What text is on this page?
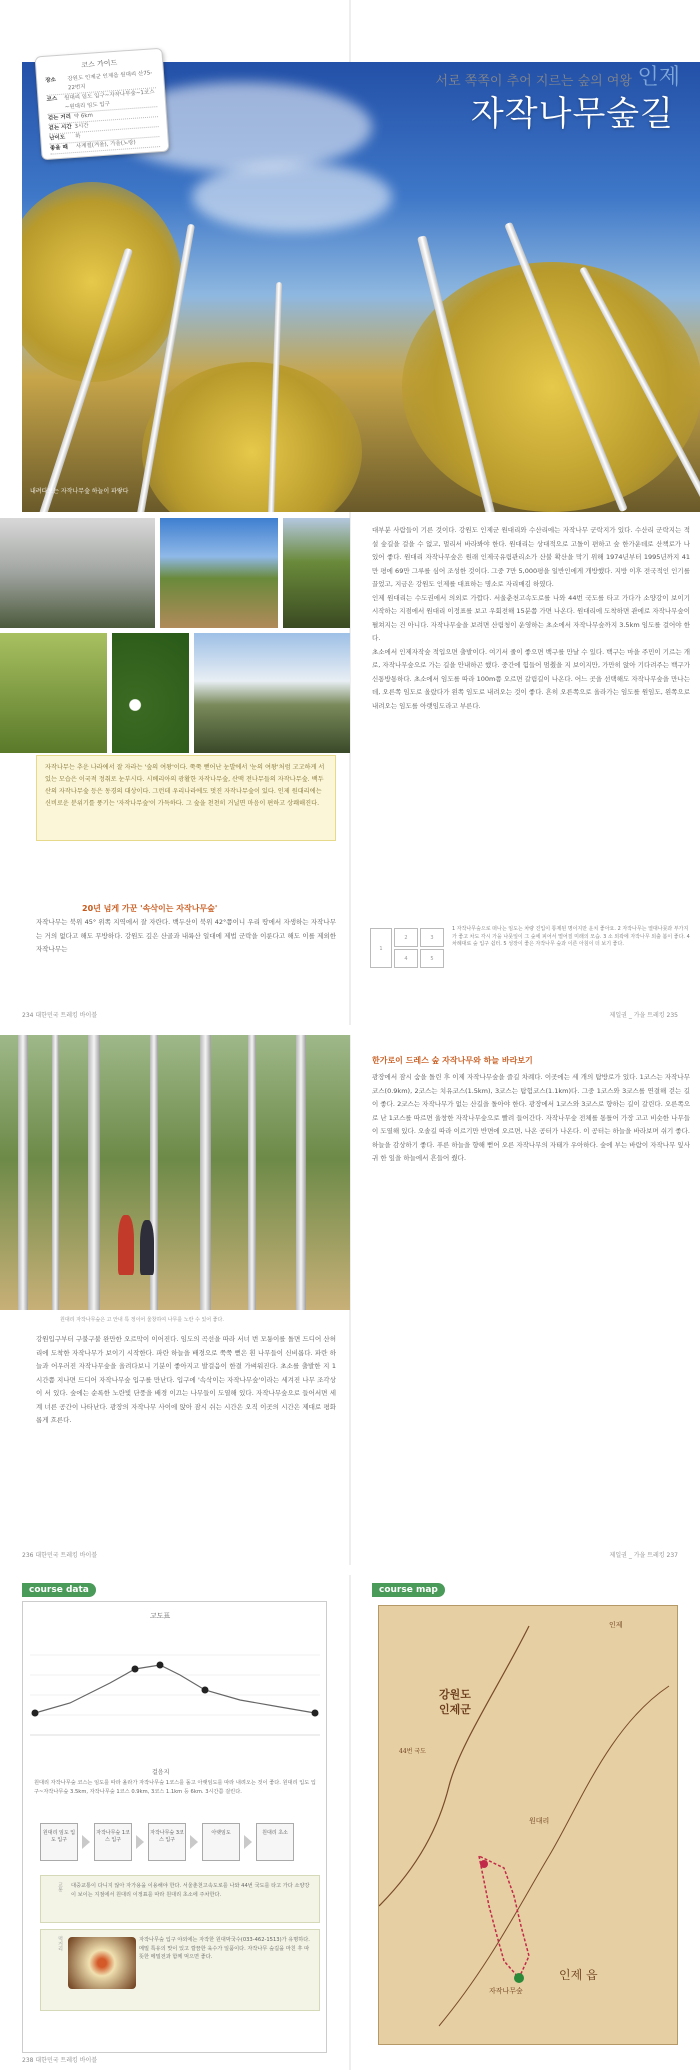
서로 쪽쪽이 추어 지르는 숲의 여왕 인제
자작나무숲길
내려다보는 자작나무숲 하늘이 파랗다
코스 가이드
장소	강원도 인제군 인제읍 원대리 산75-22번지
코스	원대리 임도 입구~자작나무숲~1코스~원대리 임도 입구
걷는 거리 약 6km
걷는 시간 3시간
난이도	하
좋을 때	사계절(겨울), 가을(노랑)
자작나무는 추운 나라에서 잘 자라는 '숲의 여왕'이다. 쭉쭉 뻗어난 눈발에서 '눈의 여왕'처럼 고고하게 서 있는 모습은 이국적 정취로 눈부시다. 시베리아의 광활한 자작나무숲, 산맥 전나무들의 자작나무숲. 백두산의 자작나무숲 등은 동경의 대상이다. 그런데 우리나라에도 멋진 자작나무숲이 있다. 인제 원대리에는 신비로운 분위기를 풍기는 '자작나무숲'이 가득하다. 그 숲을 천천히 거닐면 마음이 편하고 상쾌해진다.
20년 넘게 가꾼 '속삭이는 자작나무숲'

자작나무는 북위 45° 위쪽 지역에서 잘 자란다. 백두산이 북위 42°쯤이니 우리 땅에서 자생하는 자작나무는 거의 없다고 해도 무방하다. 강원도 깊은 산골과 내륙산 일대에 제법 군락을 이룬다고 해도 이를 제외한 자작나무는

대부분 사람들이 기른 것이다. 강원도 인제군 원대리와 수산리에는 자작나무 군락지가 있다. 수산리 군락지는 적설 숲길을 걸을 수 없고, 멀리서 바라봐야 한다. 원대리는 상대적으로 고돌이 편하고 숲 한가운데로 산책로가 나 있어 좋다. 원대리 자작나무숲은 원래 인제국유림관리소가 산불 확산을 막기 위해 1974년부터 1995년까지 41만 평에 69만 그루를 심어 조성한 것이다. 그중 7만 5,000평을 일반인에게 개방했다. 지방 이후 전국적인 인기를 끌었고, 지금은 강원도 인제를 대표하는 명소로 자리매김 하였다.

인제 원대리는 수도권에서 의외로 가깝다. 서울춘천고속도로를 나와 44번 국도를 타고 가다가 소양강이 보이기 시작하는 지점에서 원대리 이정표를 보고 우회전해 15분쯤 가면 나온다. 원대리에 도착하면 관에로 자작나무숲이 펼쳐지는 건 아니다. 자작나무숲을 보려면 산림청이 운영하는 초소에서 자작나무숲까지 3.5km 임도를 걸어야 한다.

초소에서 인제자작숲 적입으면 출발이다. 여기서 줄이 좋으면 백구를 만날 수 있다. 백구는 마을 주민이 기르는 개로, 자작나무숲으로 가는 길을 안내하곤 했다. 중간에 힘들어 멈췄을 지 보이지만, 가만히 앉아 기다려주는 백구가 신통방통하다. 초소에서 임도를 따라 100m쯤 오르면 갈림길이 나온다. 어느 곳을 선택해도 자작나무숲을 만나는데, 오른쪽 임도로 올랐다가 왼쪽 임도로 내려오는 것이 좋다. 흔히 오른쪽으로 올라가는 임도를 원임도, 왼쪽으로 내려오는 임도를 아랫임도라고 부른다.

1
2	3
4	5
1 자작나무숲으로 떠나는 임도는 차량 진입이 통제된 명이지만 운치 좋아요. 2 자작나무는 열대나뭇과 부가지가 좋고 차도 각시 가을 나뭇잎이 그 숲에 피어서 떨어질 미래의 모습. 3 소 외곽에 자작나무 외출 봄이 좋다. 4 차례대로 숲 입구 쉼터. 5 성장이 좋은 자작나무 숲과 이른 아침이 더 보기 좋다.
234 대한민국 트레킹 바이블	제일권 _ 가을 트레킹 235
원대리 자작나무숲은 고 안내 특 정이어 울창하여 나무를 노란 수 있어 좋다.

강원입구부터 구불구불 완만한 오르막이 이어진다. 임도의 곡선을 따라 서너 번 모퉁이를 돌면 드디어 산허리에 도착한 자작나무가 보이기 시작한다. 파란 하늘을 배경으로 쭉쭉 뻗은 흰 나무들이 신비롭다. 파란 하늘과 어우러진 자작나무숲을 올려다보니 기분이 좋아지고 발걸음이 한결 가벼워진다. 초소를 출발한 지 1시간쯤 지나면 드디어 자작나무숲 입구를 만난다. 입구에 '속삭이는 자작나무숲'이라는 세겨진 나무 조각상이 서 있다. 숲에는 순록한 노란빛 단풍을 배경 이끄는 나무들이 도열해 있다. 자작나무숲으로 들어서면 세계 너른 공간이 나타난다. 광장의 자작나무 사이에 앉아 잠시 쉬는 시간은 오직 이곳의 시간은 제대로 평화롭게 흐른다.

한가로이 드레스 숲 자작나무와 하늘 바라보기

광장에서 잠시 숨을 돌린 후 이제 자작나무숲을 즐길 차례다. 이곳에는 세 개의 탐방로가 있다. 1코스는 자작나무코스(0.9km), 2코스는 치유코스(1.5km), 3코스는 탐험코스(1.1km)다. 그중 1코스와 3코스를 연결해 걷는 길이 좋다. 2코스는 자작나무가 없는 산길을 돌아야 한다. 광장에서 1코스와 3코스로 향하는 길이 갈린다. 오른쪽으로 난 1코스를 따르면 울창한 자작나무숲으로 빨려 들어간다. 자작나무숲 전체를 통틀어 가장 고고 비슷한 나무들이 도열해 있다. 오솔길 따라 이르기만 반면에 오르면, 나온 공터가 나온다. 이 공터는 하늘을 바라보며 쉬기 좋다. 하늘을 감상하기 좋다. 푸른 하늘을 향해 뻗어 오른 자작나무의 자태가 우아하다. 숲에 부는 바람이 자작나무 잎사귀 한 잎을 하늘에서 흔들어 줬다.

236 대한민국 트레킹 바이블	제일권 _ 가을 트레킹 237
course data
고도표
걸음지
원대리 자작나무숲 코스는 임도를 따라 올라가 자작나무숲 1코스를 돌고 아랫임도를 따라 내려오는 것이 좋다. 원대리 입도 입구~자작나무숲 3.5km, 자작나무숲 1코스 0.9km, 3코스 1.1km 등 6km. 3시간쯤 걸린다.
원대리 임도 입도 입구
자작나무숲 1코스 입구
자작나무숲 3코스 입구
아랫임도	원대리 초소
교통 대중교통이 다니지 않아 자가용을 이용해야 한다. 서울춘천고속도로를 나와 44번 국도를 타고 가다 소양강이 보이는 지점에서 원대리 이정표를 따라 원대리 초소에 주차한다.
먹거리	자작나무숲 입구 야외에는 자작한 원대막국수(033-462-1513)가 유명하다. 메밀 특유의 맛이 있고 깔끔한 육수가 일품이다. 자작나무 숲길을 마친 후 따뜻한 메밀전과 함께 먹으면 좋다.
238 대한민국 트레킹 바이블
course map
강원도
인제군
인제 읍
원대리
자작나무숲
인제
44번 국도
